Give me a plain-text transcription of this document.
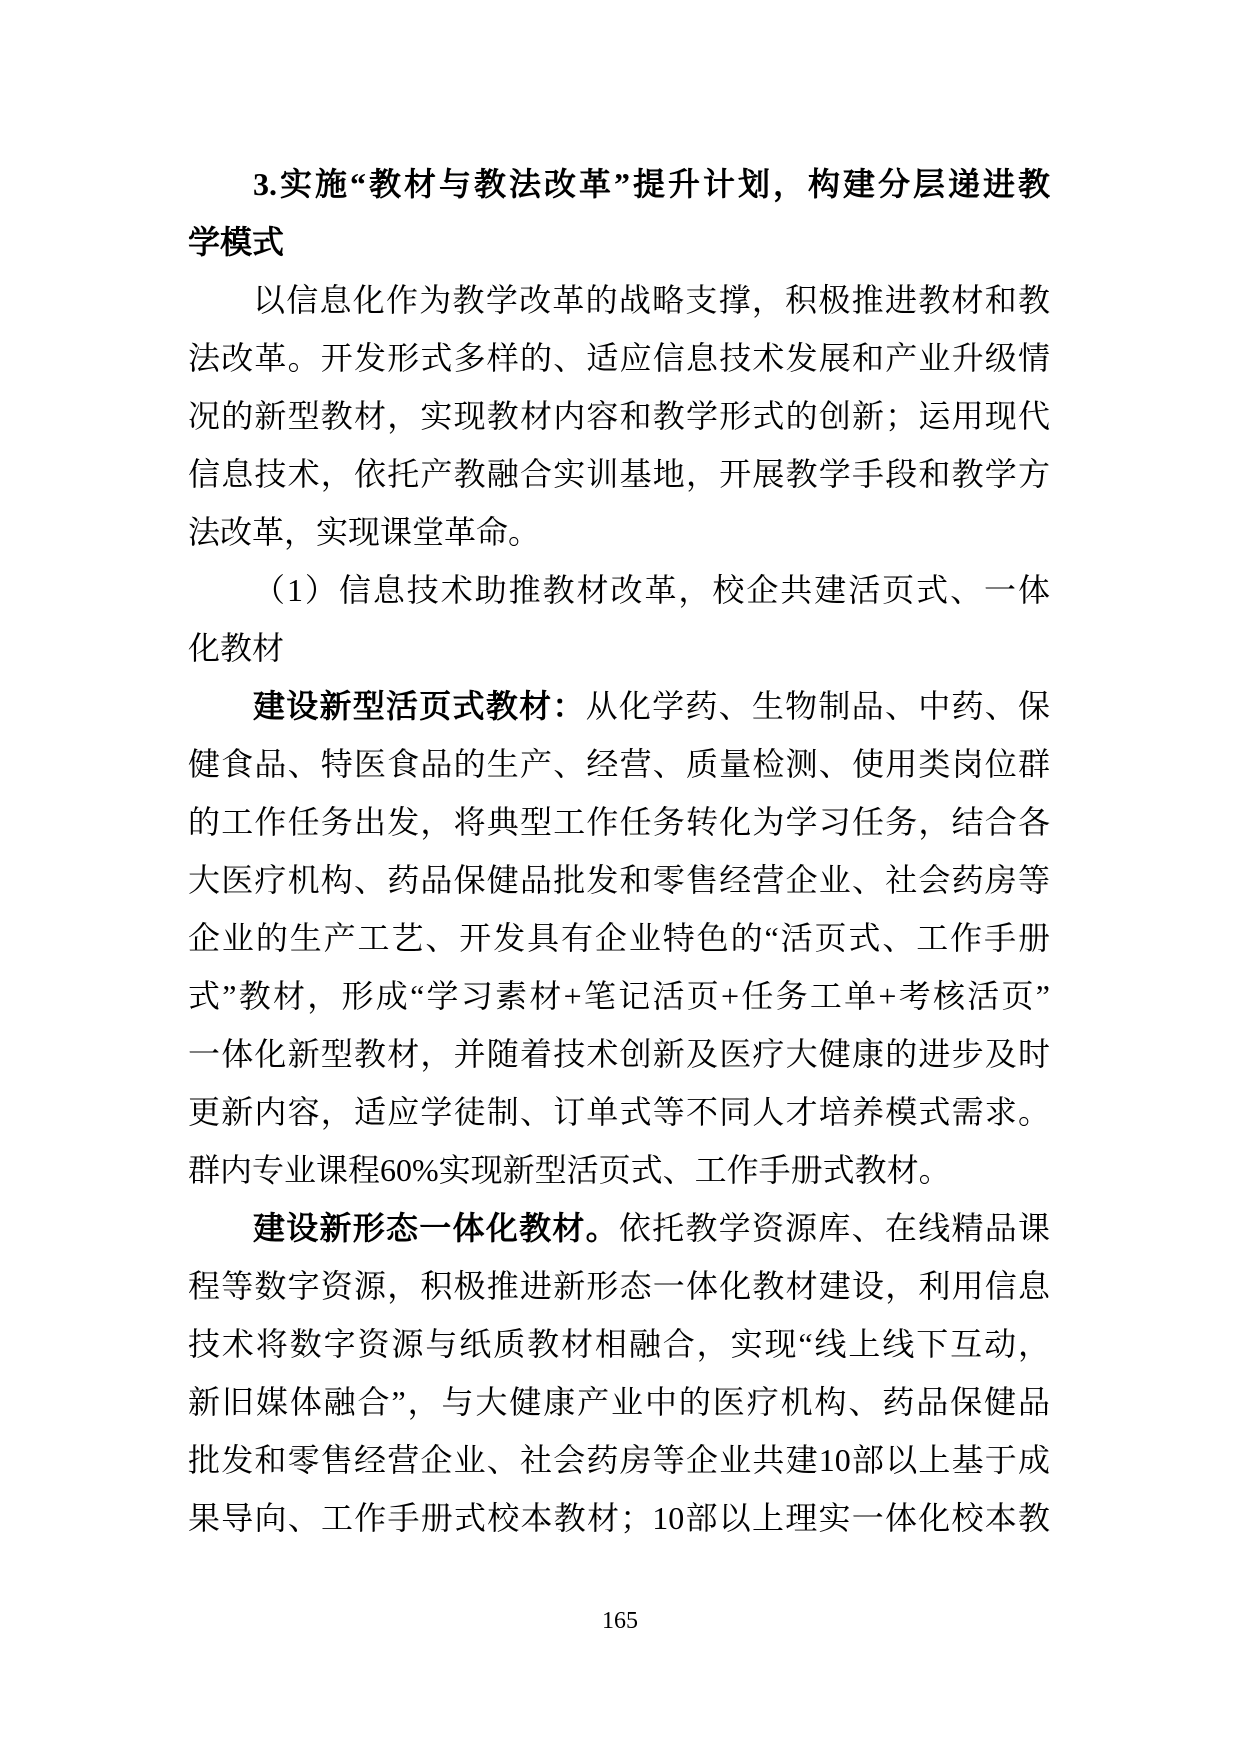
3.实施“教材与教法改革”提升计划，构建分层递进教
学模式
以信息化作为教学改革的战略支撑，积极推进教材和教
法改革。开发形式多样的、适应信息技术发展和产业升级情
况的新型教材，实现教材内容和教学形式的创新；运用现代
信息技术，依托产教融合实训基地，开展教学手段和教学方
法改革，实现课堂革命。
（1）信息技术助推教材改革，校企共建活页式、一体
化教材
建设新型活页式教材：从化学药、生物制品、中药、保
健食品、特医食品的生产、经营、质量检测、使用类岗位群
的工作任务出发，将典型工作任务转化为学习任务，结合各
大医疗机构、药品保健品批发和零售经营企业、社会药房等
企业的生产工艺、开发具有企业特色的“活页式、工作手册
式”教材，形成“学习素材+笔记活页+任务工单+考核活页”
一体化新型教材，并随着技术创新及医疗大健康的进步及时
更新内容，适应学徒制、订单式等不同人才培养模式需求。
群内专业课程60%实现新型活页式、工作手册式教材。
建设新形态一体化教材。依托教学资源库、在线精品课
程等数字资源，积极推进新形态一体化教材建设，利用信息
技术将数字资源与纸质教材相融合，实现“线上线下互动，
新旧媒体融合”，与大健康产业中的医疗机构、药品保健品
批发和零售经营企业、社会药房等企业共建10部以上基于成
果导向、工作手册式校本教材；10部以上理实一体化校本教
165
